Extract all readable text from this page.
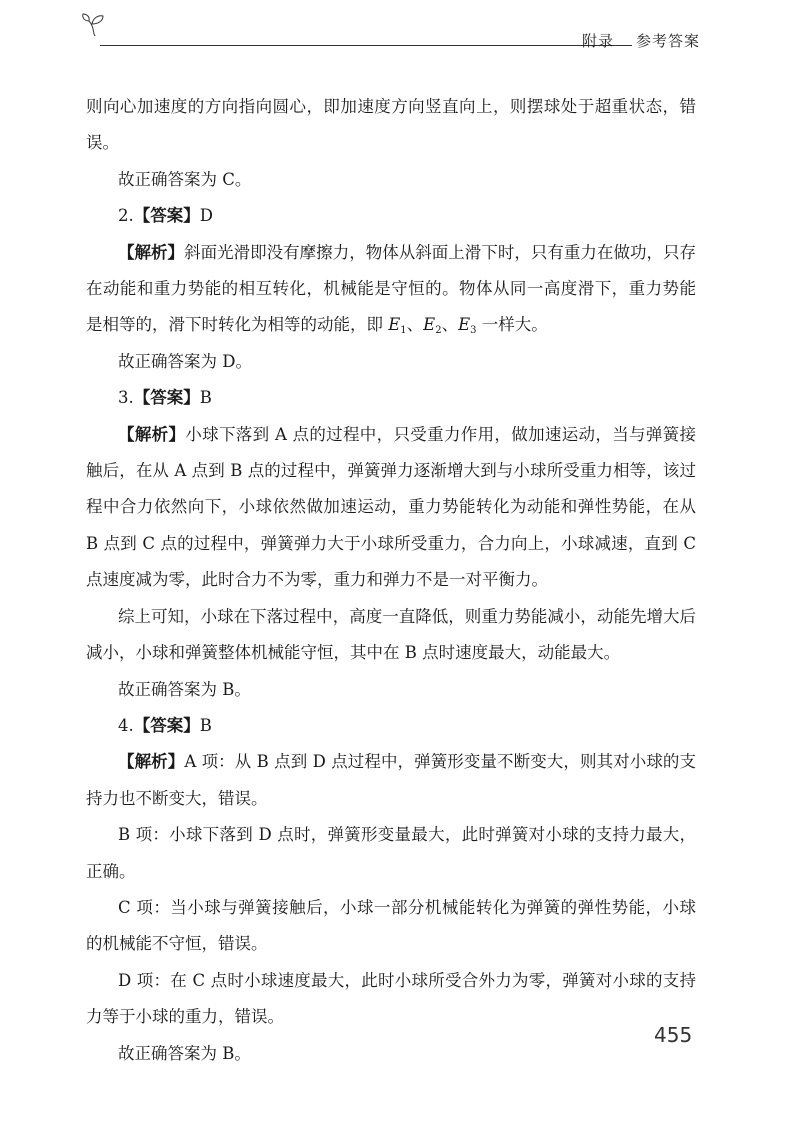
附录 参考答案

则向心加速度的方向指向圆心，即加速度方向竖直向上，则摆球处于超重状态，错误。

故正确答案为 C。

2.【答案】D

【解析】斜面光滑即没有摩擦力，物体从斜面上滑下时，只有重力在做功，只存在动能和重力势能的相互转化，机械能是守恒的。物体从同一高度滑下，重力势能是相等的，滑下时转化为相等的动能，即 $E_1$、$E_2$、$E_3$ 一样大。

故正确答案为 D。

3.【答案】B

【解析】小球下落到 A 点的过程中，只受重力作用，做加速运动，当与弹簧接触后，在从 A 点到 B 点的过程中，弹簧弹力逐渐增大到与小球所受重力相等，该过程中合力依然向下，小球依然做加速运动，重力势能转化为动能和弹性势能，在从 B 点到 C 点的过程中，弹簧弹力大于小球所受重力，合力向上，小球减速，直到 C 点速度减为零，此时合力不为零，重力和弹力不是一对平衡力。

综上可知，小球在下落过程中，高度一直降低，则重力势能减小，动能先增大后减小，小球和弹簧整体机械能守恒，其中在 B 点时速度最大，动能最大。

故正确答案为 B。

4.【答案】B

【解析】A 项：从 B 点到 D 点过程中，弹簧形变量不断变大，则其对小球的支持力也不断变大，错误。

B 项：小球下落到 D 点时，弹簧形变量最大，此时弹簧对小球的支持力最大，正确。

C 项：当小球与弹簧接触后，小球一部分机械能转化为弹簧的弹性势能，小球的机械能不守恒，错误。

D 项：在 C 点时小球速度最大，此时小球所受合外力为零，弹簧对小球的支持力等于小球的重力，错误。

故正确答案为 B。

455
